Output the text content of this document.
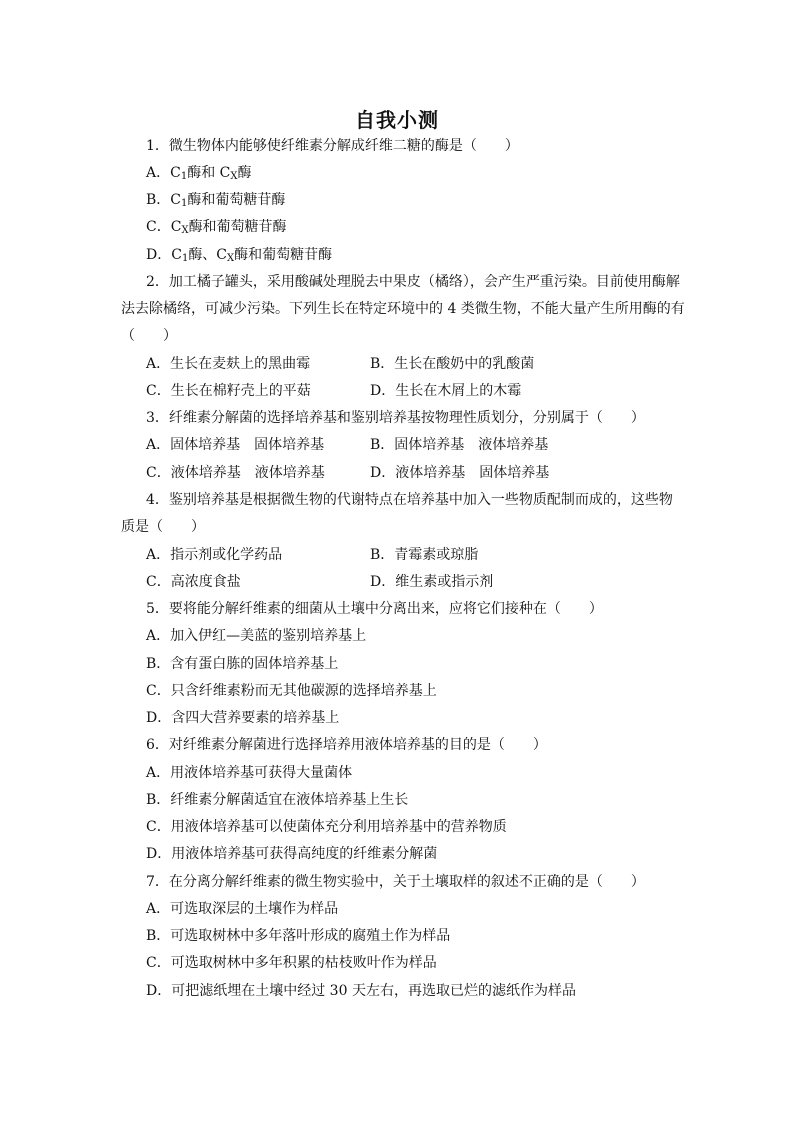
自我小测
1．微生物体内能够使纤维素分解成纤维二糖的酶是（　　）
A．$C_1$酶和 $C_X$酶
B．$C_1$酶和葡萄糖苷酶
C．$C_X$酶和葡萄糖苷酶
D．$C_1$酶、$C_X$酶和葡萄糖苷酶
2．加工橘子罐头，采用酸碱处理脱去中果皮（橘络），会产生严重污染。目前使用酶解
法去除橘络，可减少污染。下列生长在特定环境中的 4 类微生物，不能大量产生所用酶的有
（　　）
A．生长在麦麸上的黑曲霉	B．生长在酸奶中的乳酸菌
C．生长在棉籽壳上的平菇	D．生长在木屑上的木霉
3．纤维素分解菌的选择培养基和鉴别培养基按物理性质划分，分别属于（　　）
A．固体培养基　固体培养基	B．固体培养基　液体培养基
C．液体培养基　液体培养基	D．液体培养基　固体培养基
4．鉴别培养基是根据微生物的代谢特点在培养基中加入一些物质配制而成的，这些物
质是（　　）
A．指示剂或化学药品	B．青霉素或琼脂
C．高浓度食盐	D．维生素或指示剂
5．要将能分解纤维素的细菌从土壤中分离出来，应将它们接种在（　　）
A．加入伊红—美蓝的鉴别培养基上
B．含有蛋白胨的固体培养基上
C．只含纤维素粉而无其他碳源的选择培养基上
D．含四大营养要素的培养基上
6．对纤维素分解菌进行选择培养用液体培养基的目的是（　　）
A．用液体培养基可获得大量菌体
B．纤维素分解菌适宜在液体培养基上生长
C．用液体培养基可以使菌体充分利用培养基中的营养物质
D．用液体培养基可获得高纯度的纤维素分解菌
7．在分离分解纤维素的微生物实验中，关于土壤取样的叙述不正确的是（　　）
A．可选取深层的土壤作为样品
B．可选取树林中多年落叶形成的腐殖土作为样品
C．可选取树林中多年积累的枯枝败叶作为样品
D．可把滤纸埋在土壤中经过 30 天左右，再选取已烂的滤纸作为样品
